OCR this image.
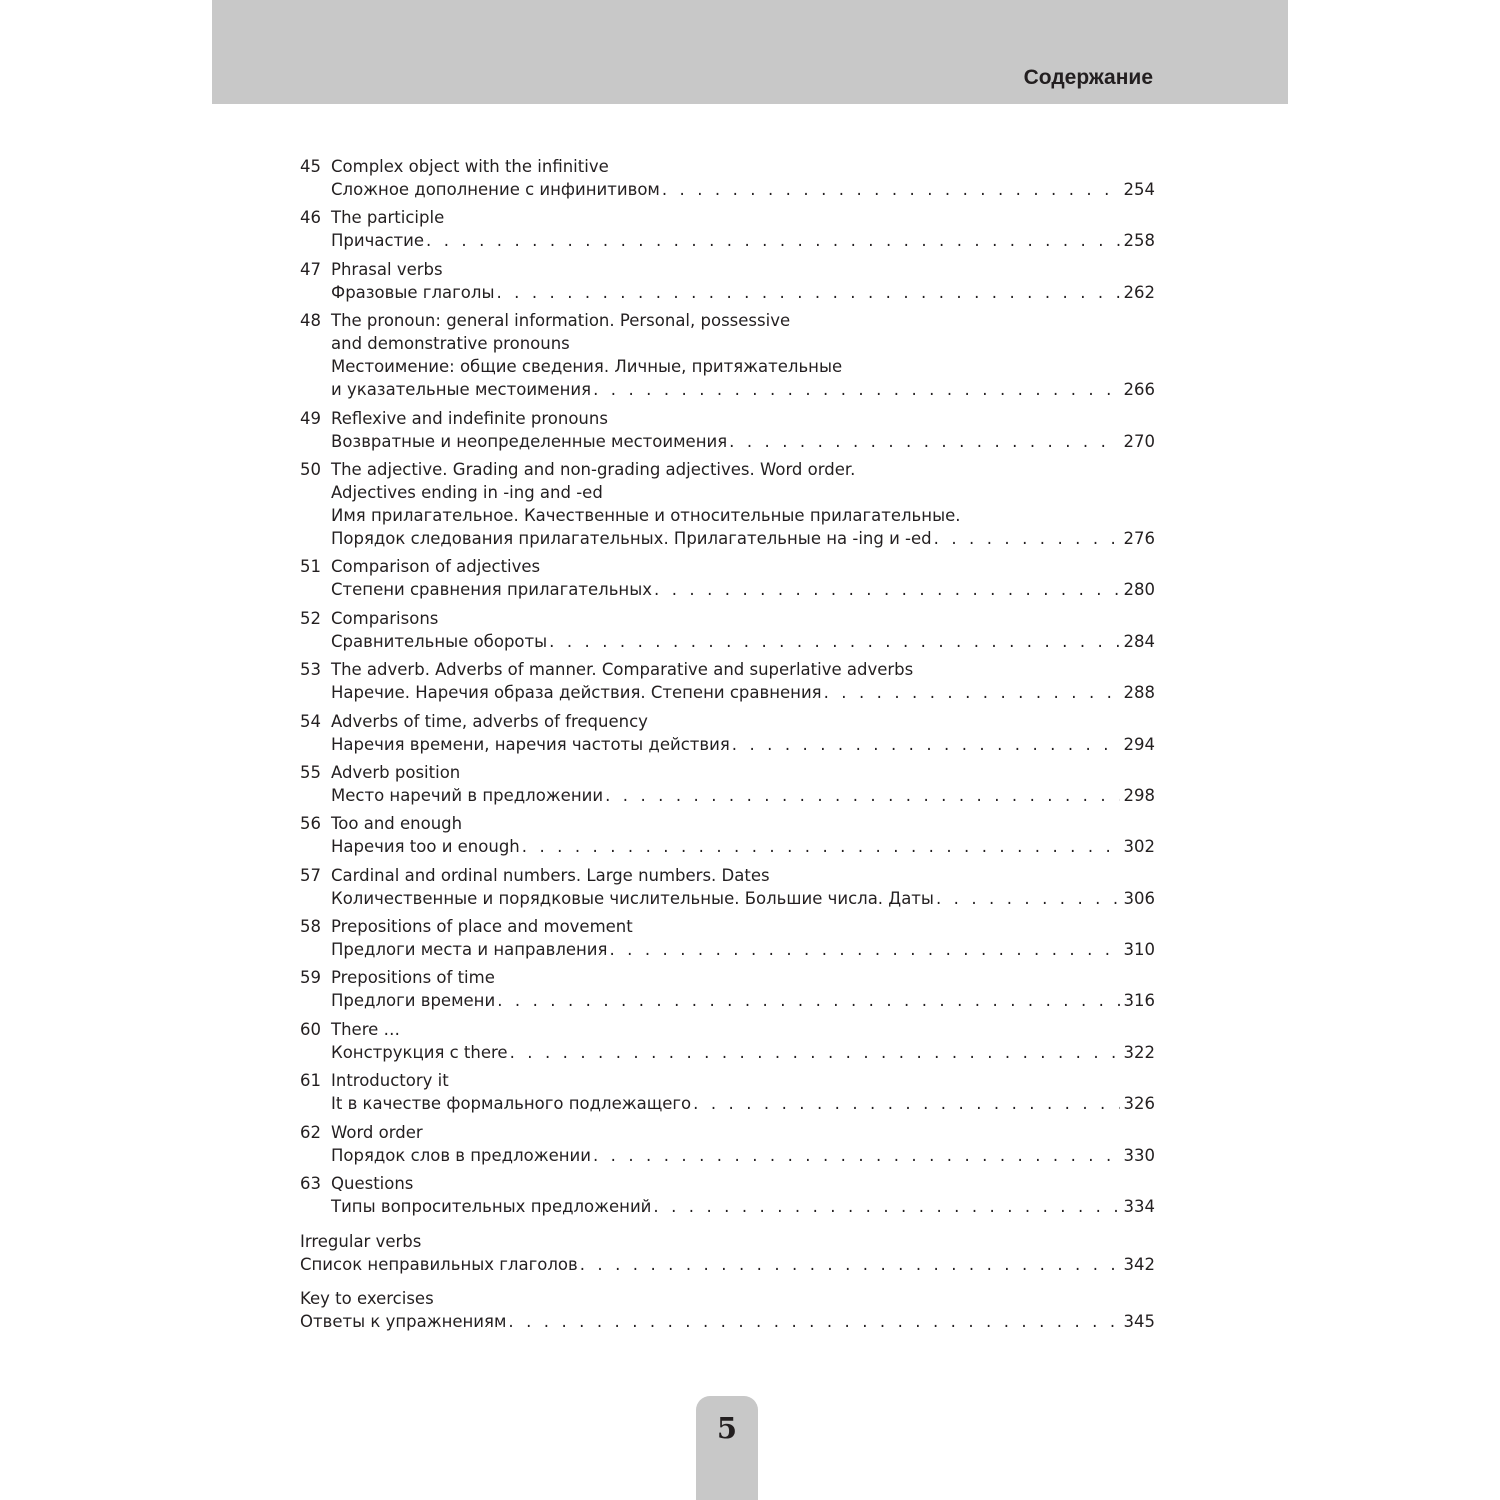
Содержание
45 Complex object with the infinitive
Сложное дополнение с инфинитивом . . .	254
46 The participle
Причастие . . .	258
47 Phrasal verbs
Фразовые глаголы . . .	262
48 The pronoun: general information. Personal, possessive
and demonstrative pronouns
Местоимение: общие сведения. Личные, притяжательные
и указательные местоимения . . .	266
49 Reflexive and indefinite pronouns
Возвратные и неопределенные местоимения . . .	270
50 The adjective. Grading and non-grading adjectives. Word order.
Adjectives ending in -ing and -ed
Имя прилагательное. Качественные и относительные прилагательные.
Порядок следования прилагательных. Прилагательные на -ing и -ed . . .	276
51 Comparison of adjectives
Степени сравнения прилагательных . . .	280
52 Comparisons
Сравнительные обороты . . .	284
53 The adverb. Adverbs of manner. Comparative and superlative adverbs
Наречие. Наречия образа действия. Степени сравнения . . .	288
54 Adverbs of time, adverbs of frequency
Наречия времени, наречия частоты действия . . .	294
55 Adverb position
Место наречий в предложении . . .	298
56 Too and enough
Наречия too и enough . . .	302
57 Cardinal and ordinal numbers. Large numbers. Dates
Количественные и порядковые числительные. Большие числа. Даты . . .	306
58 Prepositions of place and movement
Предлоги места и направления . . .	310
59 Prepositions of time
Предлоги времени . . .	316
60 There …
Конструкция с there . . .	322
61 Introductory it
It в качестве формального подлежащего . . .	326
62 Word order
Порядок слов в предложении . . .	330
63 Questions
Типы вопросительных предложений . . .	334
Irregular verbs
Список неправильных глаголов . . .	342
Key to exercises
Ответы к упражнениям . . .	345
5
